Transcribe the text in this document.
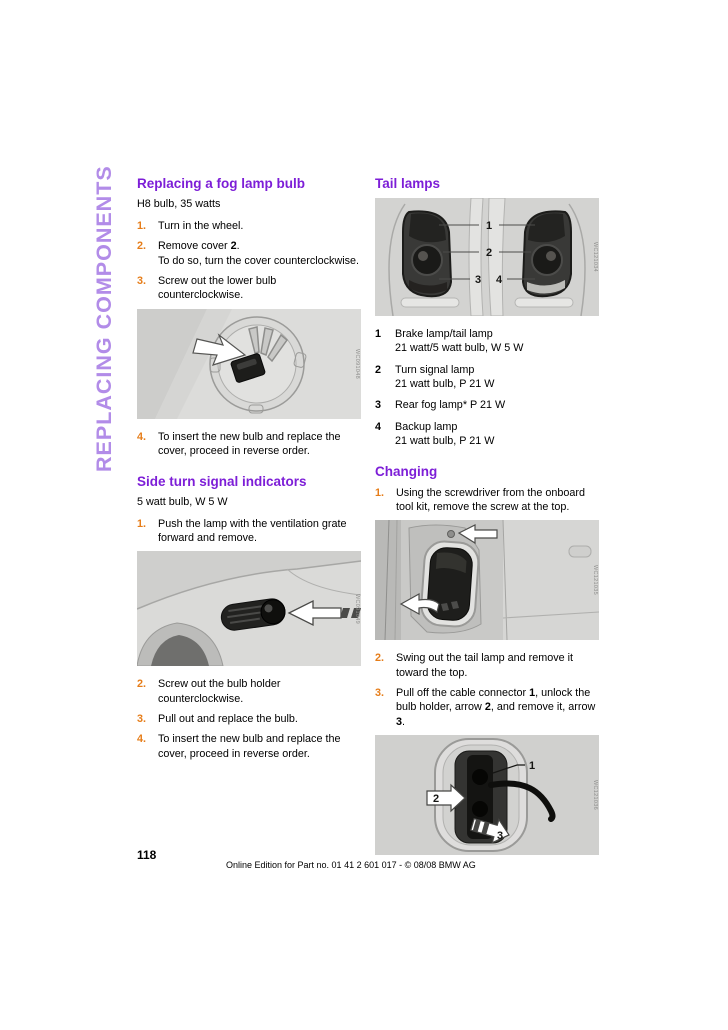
REPLACING COMPONENTS Replacing a fog lamp bulb

H8 bulb, 35 watts

1.	Turn in the wheel.
2.	Remove cover 2.
To do so, turn the cover counterclockwise.
3.	Screw out the lower bulb counterclockwise.
WC091048
4.	To insert the new bulb and replace the cover, proceed in reverse order.
Side turn signal indicators

5 watt bulb, W 5 W

1.	Push the lamp with the ventilation grate forward and remove.
WC091049
2.	Screw out the bulb holder counterclockwise.
3.	Pull out and replace the bulb.
4.	To insert the new bulb and replace the cover, proceed in reverse order.
Tail lamps
1
2
3 4
WC121034
1	Brake lamp/tail lamp
21 watt/5 watt bulb, W 5 W
2	Turn signal lamp
21 watt bulb, P 21 W
3	Rear fog lamp* P 21 W
4	Backup lamp
21 watt bulb, P 21 W
Changing
1.	Using the screwdriver from the onboard tool kit, remove the screw at the top.
WC121035
2.	Swing out the tail lamp and remove it toward the top.
3.	Pull off the cable connector 1, unlock the bulb holder, arrow 2, and remove it, arrow 3.
1
2
3
WC121036
118
Online Edition for Part no. 01 41 2 601 017 - © 08/08 BMW AG
